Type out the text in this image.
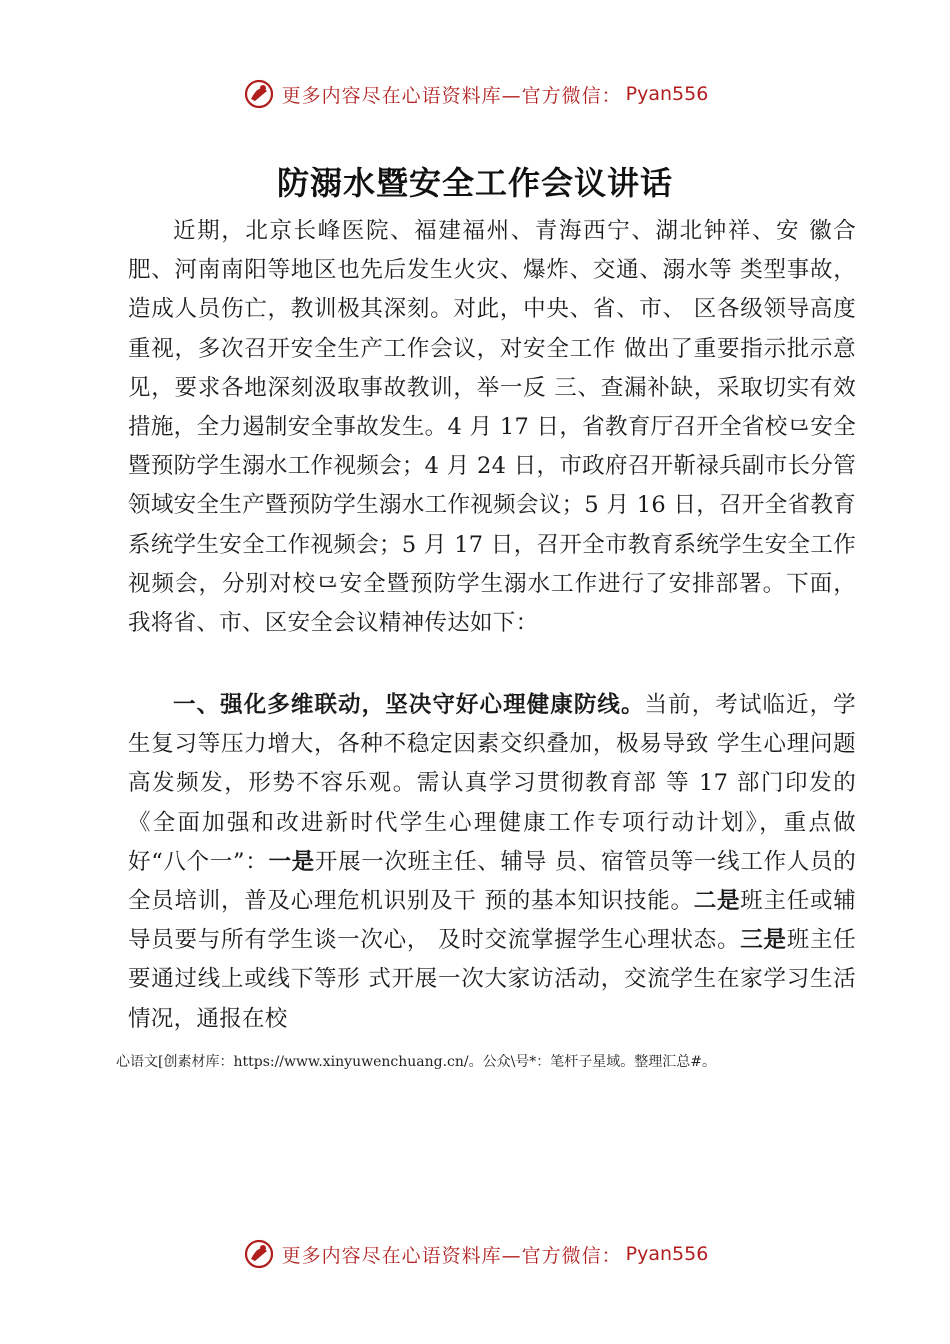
更多内容尽在心语资料库—官方微信： Pyan556
防溺水暨安全工作会议讲话

近期，北京长峰医院、福建福州、青海西宁、湖北钟祥、安 徽合肥、河南南阳等地区也先后发生火灾、爆炸、交通、溺水等 类型事故，造成人员伤亡，教训极其深刻。对此，中央、省、市、 区各级领导高度重视，多次召开安全生产工作会议，对安全工作 做出了重要指示批示意见，要求各地深刻汲取事故教训，举一反 三、查漏补缺，采取切实有效措施，全力遏制安全事故发生。4 月 17 日，省教育厅召开全省校⺋安全暨预防学生溺水工作视频会；4 月 24 日，市政府召开靳禄兵副市长分管领域安全生产暨预防学生溺水工作视频会议；5 月 16 日，召开全省教育系统学生安全工作视频会；5 月 17 日，召开全市教育系统学生安全工作视频会，分别对校⺋安全暨预防学生溺水工作进行了安排部署。下面，我将省、市、区安全会议精神传达如下：

一、强化多维联动，坚决守好心理健康防线。当前，考试临近，学生复习等压力增大，各种不稳定因素交织叠加，极易导致 学生心理问题高发频发，形势不容乐观。需认真学习贯彻教育部 等 17 部门印发的《全面加强和改进新时代学生心理健康工作专项行动计划》，重点做好“八个一”：一是开展一次班主任、辅导 员、宿管员等一线工作人员的全员培训，普及心理危机识别及干 预的基本知识技能。二是班主任或辅导员要与所有学生谈一次心， 及时交流掌握学生心理状态。三是班主任要通过线上或线下等形 式开展一次大家访活动，交流学生在家学习生活情况，通报在校

心语文[创素材库：https://www.xinyuwenchuang.cn/。公众\号*：笔杆子星域。整理汇总#。

更多内容尽在心语资料库—官方微信： Pyan556
